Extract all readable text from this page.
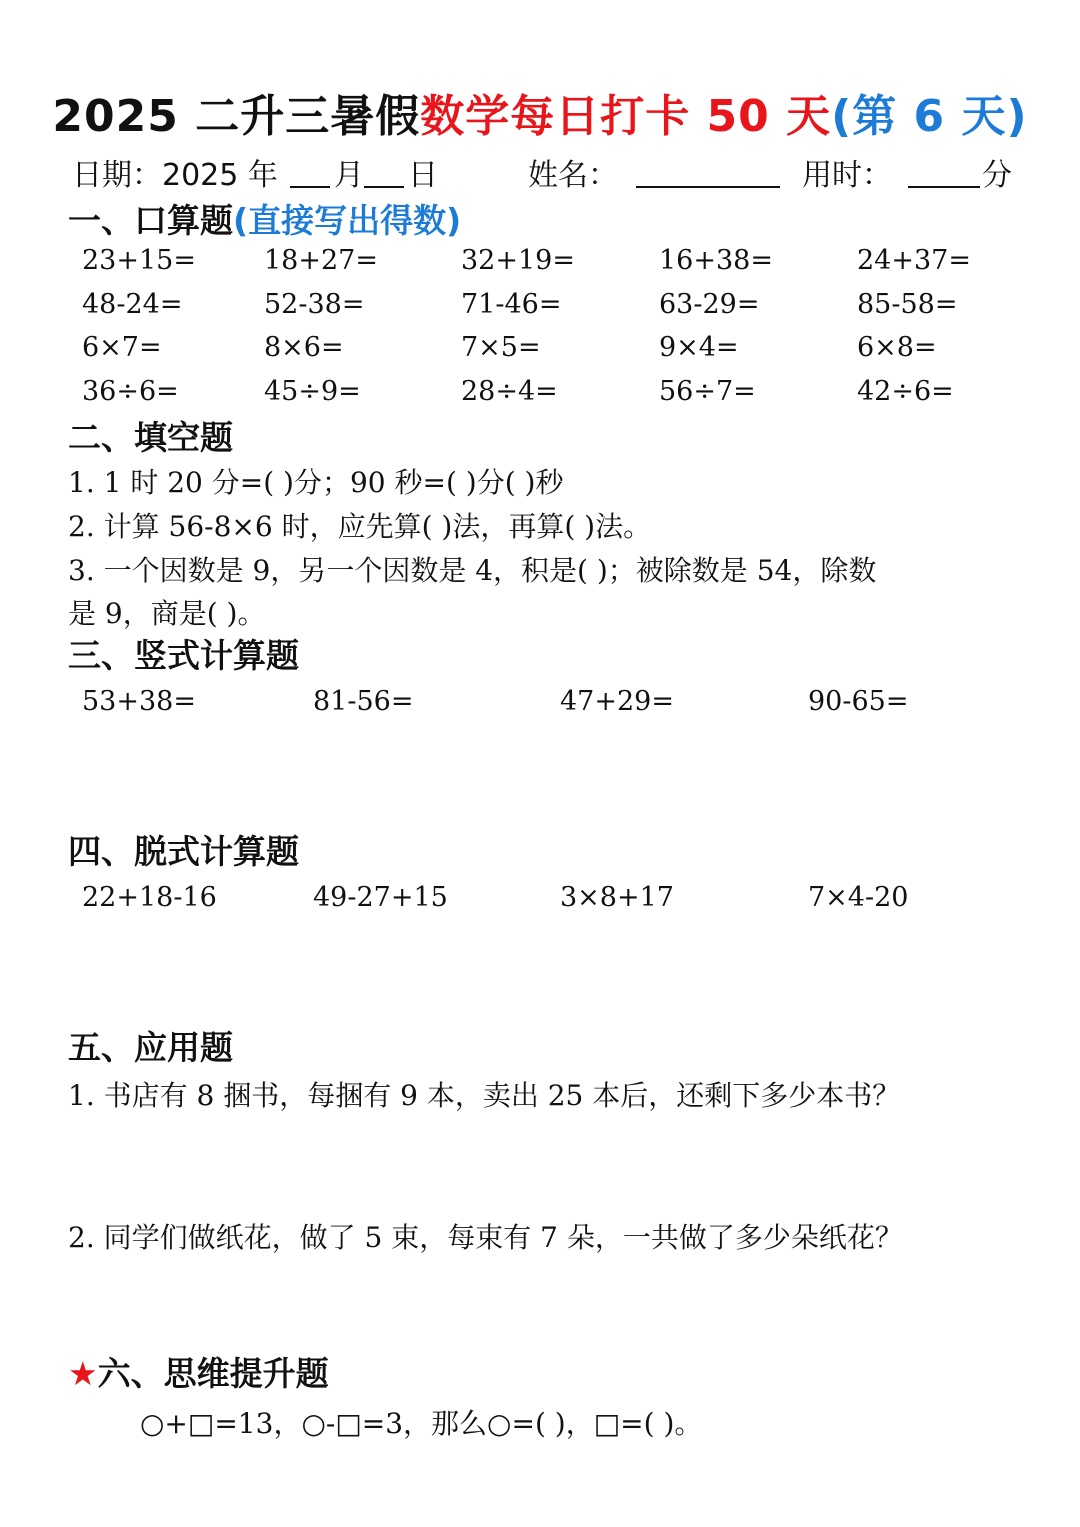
2025 二升三暑假数学每日打卡 50 天(第 6 天)
日期：2025 年 月 日	姓名：	用时：	分
一、口算题(直接写出得数)
23+15=	18+27=	32+19=	16+38=	24+37=
48-24=	52-38=	71-46=	63-29=	85-58=
6×7=	8×6=	7×5=	9×4=	6×8=
36÷6=	45÷9=	28÷4=	56÷7=	42÷6=
二、填空题
1. 1 时 20 分=( )分；90 秒=( )分( )秒
2. 计算 56-8×6 时，应先算( )法，再算( )法。
3. 一个因数是 9，另一个因数是 4，积是( )；被除数是 54，除数
是 9，商是( )。
三、竖式计算题
53+38=	81-56=	47+29=	90-65=
四、脱式计算题
22+18-16	49-27+15	3×8+17	7×4-20
五、应用题
1. 书店有 8 捆书，每捆有 9 本，卖出 25 本后，还剩下多少本书？
2. 同学们做纸花，做了 5 束，每束有 7 朵，一共做了多少朵纸花？
★六、思维提升题
○+□=13，○-□=3，那么○=( )，□=( )。
